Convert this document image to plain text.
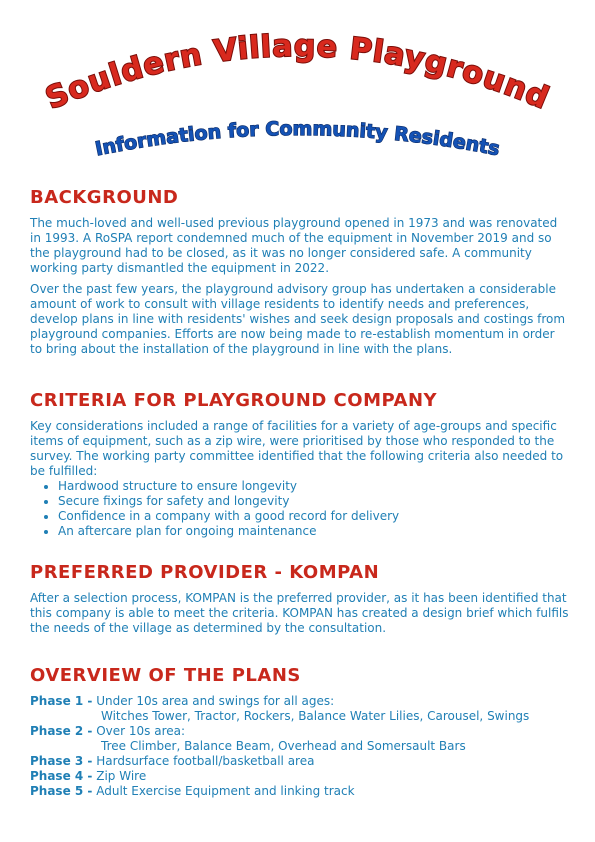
Souldern Village Playground
Information for Community Residents
BACKGROUND

The much-loved and well-used previous playground opened in 1973 and was renovated in 1993. A RoSPA report condemned much of the equipment in November 2019 and so the playground had to be closed, as it was no longer considered safe. A community working party dismantled the equipment in 2022.

Over the past few years, the playground advisory group has undertaken a considerable amount of work to consult with village residents to identify needs and preferences, develop plans in line with residents' wishes and seek design proposals and costings from playground companies. Efforts are now being made to re-establish momentum in order to bring about the installation of the playground in line with the plans.

CRITERIA FOR PLAYGROUND COMPANY

Key considerations included a range of facilities for a variety of age-groups and specific items of equipment, such as a zip wire, were prioritised by those who responded to the survey. The working party committee identified that the following criteria also needed to be fulfilled:

• Hardwood structure to ensure longevity
• Secure fixings for safety and longevity
• Confidence in a company with a good record for delivery
• An aftercare plan for ongoing maintenance
PREFERRED PROVIDER - KOMPAN

After a selection process, KOMPAN is the preferred provider, as it has been identified that this company is able to meet the criteria. KOMPAN has created a design brief which fulfils the needs of the village as determined by the consultation.

OVERVIEW OF THE PLANS
Phase 1 - Under 10s area and swings for all ages:
Witches Tower, Tractor, Rockers, Balance Water Lilies, Carousel, Swings
Phase 2 - Over 10s area:
Tree Climber, Balance Beam, Overhead and Somersault Bars
Phase 3 - Hardsurface football/basketball area
Phase 4 - Zip Wire
Phase 5 - Adult Exercise Equipment and linking track
